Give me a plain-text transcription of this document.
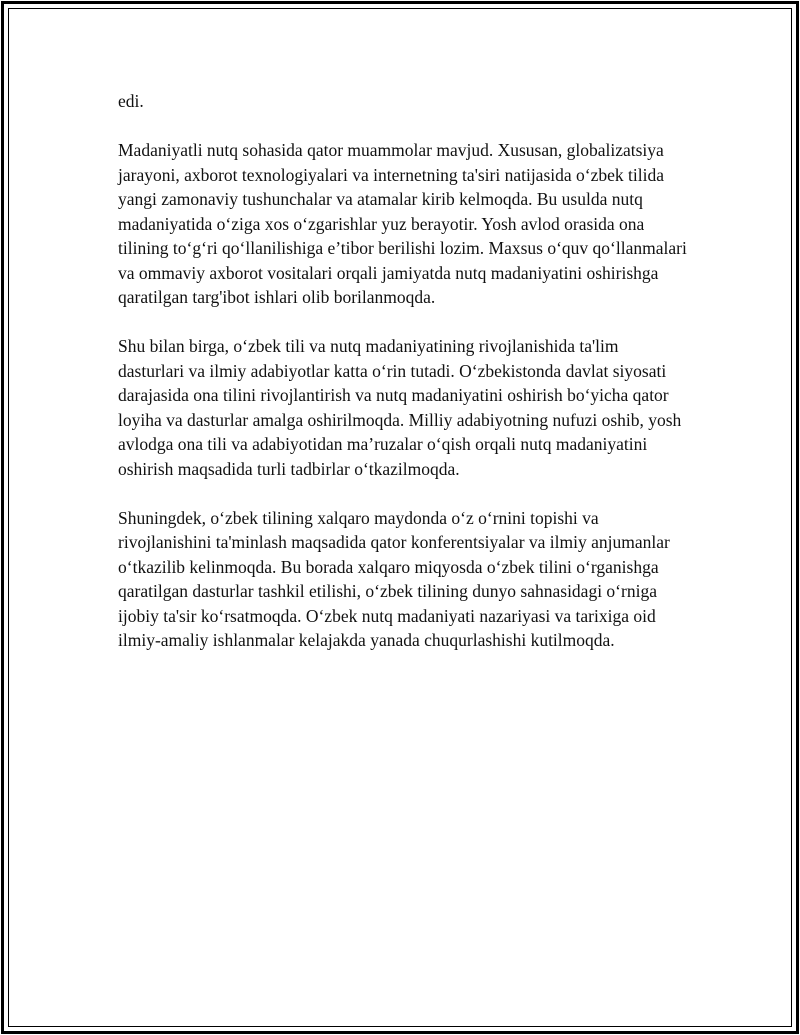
edi.

Madaniyatli nutq sohasida qator muammolar mavjud. Xususan, globalizatsiya jarayoni, axborot texnologiyalari va internetning ta'siri natijasida o‘zbek tilida yangi zamonaviy tushunchalar va atamalar kirib kelmoqda. Bu usulda nutq madaniyatida o‘ziga xos o‘zgarishlar yuz berayotir. Yosh avlod orasida ona tilining to‘g‘ri qo‘llanilishiga e’tibor berilishi lozim. Maxsus o‘quv qo‘llanmalari va ommaviy axborot vositalari orqali jamiyatda nutq madaniyatini oshirishga qaratilgan targ'ibot ishlari olib borilanmoqda.

Shu bilan birga, o‘zbek tili va nutq madaniyatining rivojlanishida ta'lim dasturlari va ilmiy adabiyotlar katta o‘rin tutadi. O‘zbekistonda davlat siyosati darajasida ona tilini rivojlantirish va nutq madaniyatini oshirish bo‘yicha qator loyiha va dasturlar amalga oshirilmoqda. Milliy adabiyotning nufuzi oshib, yosh avlodga ona tili va adabiyotidan ma’ruzalar o‘qish orqali nutq madaniyatini oshirish maqsadida turli tadbirlar o‘tkazilmoqda.

Shuningdek, o‘zbek tilining xalqaro maydonda o‘z o‘rnini topishi va rivojlanishini ta'minlash maqsadida qator konferentsiyalar va ilmiy anjumanlar o‘tkazilib kelinmoqda. Bu borada xalqaro miqyosda o‘zbek tilini o‘rganishga qaratilgan dasturlar tashkil etilishi, o‘zbek tilining dunyo sahnasidagi o‘rniga ijobiy ta'sir ko‘rsatmoqda. O‘zbek nutq madaniyati nazariyasi va tarixiga oid ilmiy-amaliy ishlanmalar kelajakda yanada chuqurlashishi kutilmoqda.
